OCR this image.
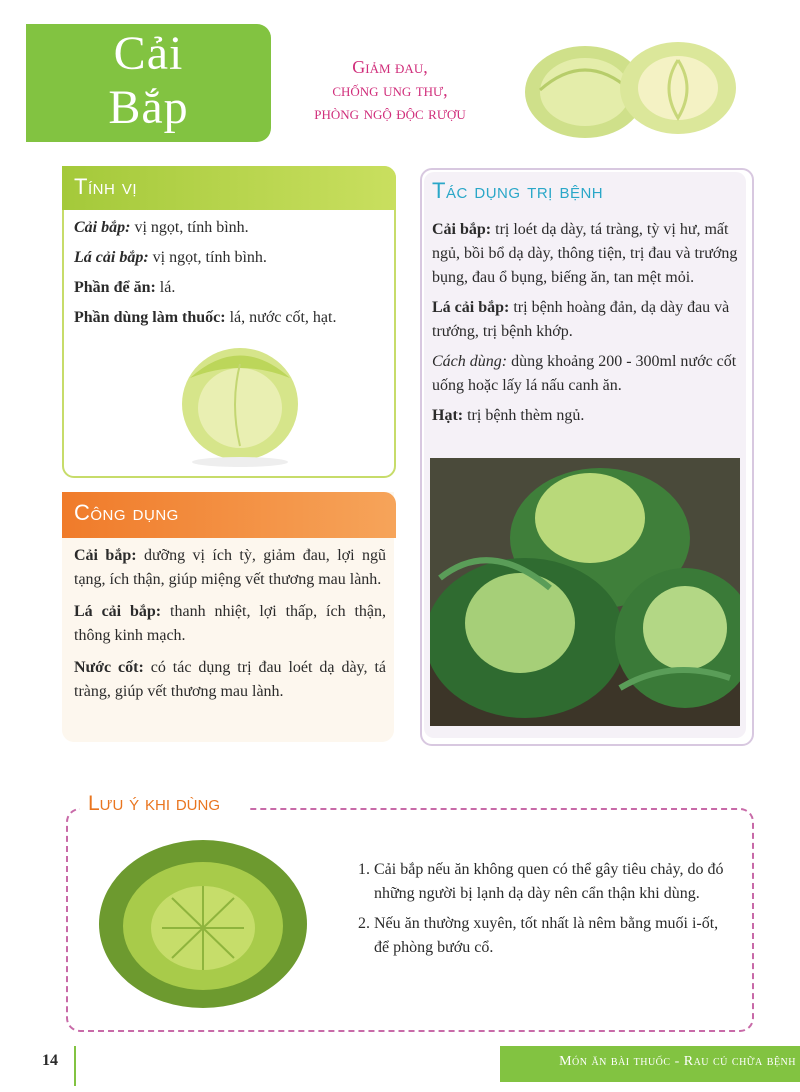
Cải
Bắp
Giảm đau,
chống ung thư,
phòng ngộ độc rượu
Tính vị
Cải bắp: vị ngọt, tính bình.
Lá cải bắp: vị ngọt, tính bình.
Phần để ăn: lá.
Phần dùng làm thuốc: lá, nước cốt, hạt.
Công dụng
Cải bắp: dưỡng vị ích tỳ, giảm đau, lợi ngũ tạng, ích thận, giúp miệng vết thương mau lành.
Lá cải bắp: thanh nhiệt, lợi thấp, ích thận, thông kinh mạch.
Nước cốt: có tác dụng trị đau loét dạ dày, tá tràng, giúp vết thương mau lành.
Tác dụng trị bệnh
Cải bắp: trị loét dạ dày, tá tràng, tỳ vị hư, mất ngủ, bồi bổ dạ dày, thông tiện, trị đau và trướng bụng, đau ổ bụng, biếng ăn, tan mệt mỏi.
Lá cải bắp: trị bệnh hoàng đản, dạ dày đau và trướng, trị bệnh khớp.
Cách dùng: dùng khoảng 200 - 300ml nước cốt uống hoặc lấy lá nấu canh ăn.
Hạt: trị bệnh thèm ngủ.
Lưu ý khi dùng
1. Cải bắp nếu ăn không quen có thể gây tiêu chảy, do đó những người bị lạnh dạ dày nên cẩn thận khi dùng.
2. Nếu ăn thường xuyên, tốt nhất là nêm bằng muối i-ốt, để phòng bướu cổ.
14	Món ăn bài thuốc - Rau củ chữa bệnh
